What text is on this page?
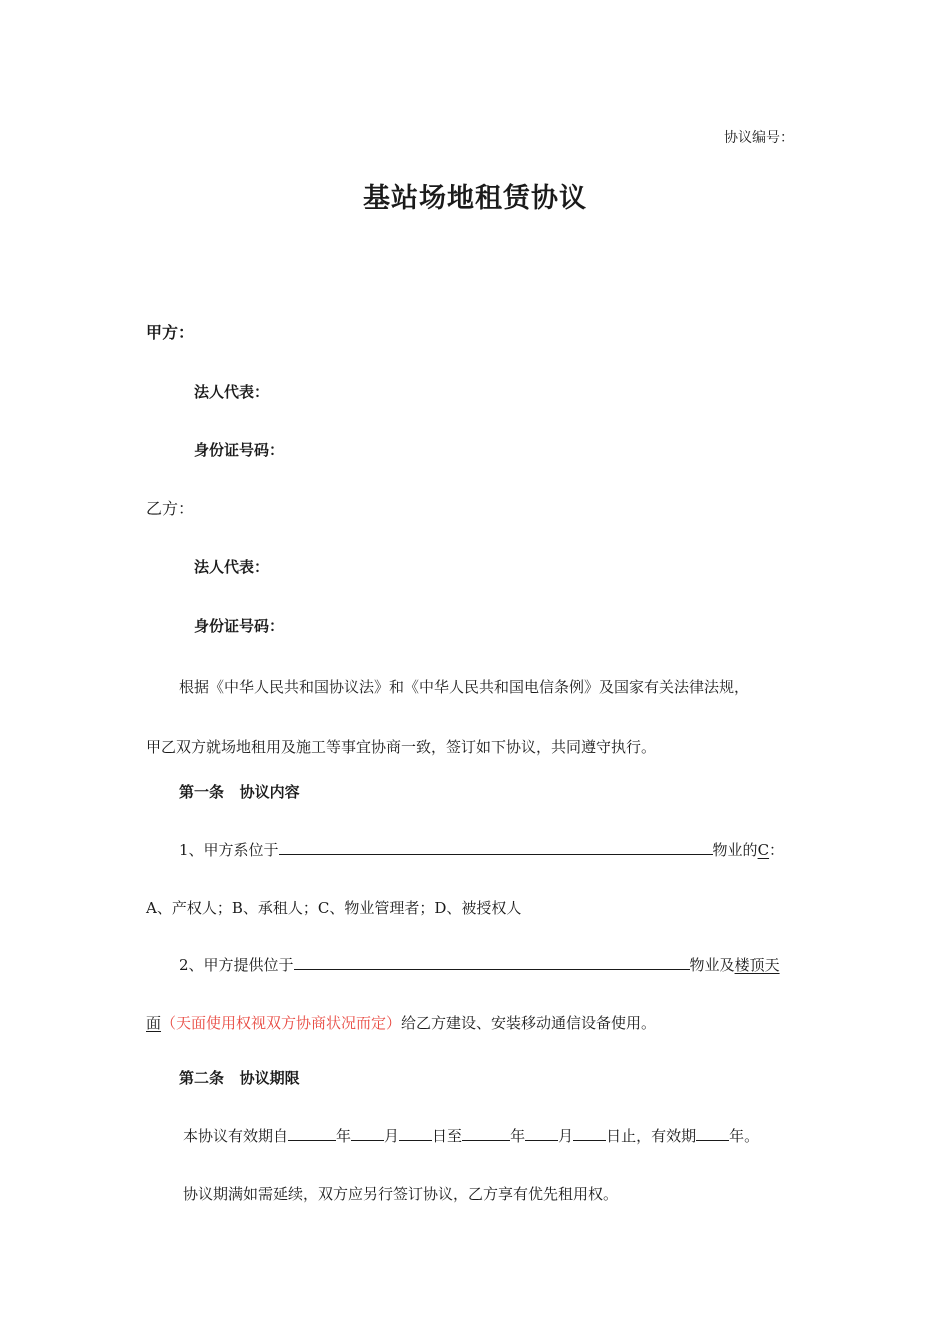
协议编号：
基站场地租赁协议
甲方：
法人代表：
身份证号码：
乙方：
法人代表：
身份证号码：
根据《中华人民共和国协议法》和《中华人民共和国电信条例》及国家有关法律法规，
甲乙双方就场地租用及施工等事宜协商一致，签订如下协议，共同遵守执行。
第一条   协议内容
1、甲方系位于	物业的C：
A、产权人；B、承租人；C、物业管理者；D、被授权人
2、甲方提供位于	物业及楼顶天
面（天面使用权视双方协商状况而定）给乙方建设、安装移动通信设备使用。
第二条   协议期限
本协议有效期自	年 月 日至	年 月 日止，有效期 年。
协议期满如需延续，双方应另行签订协议，乙方享有优先租用权。
